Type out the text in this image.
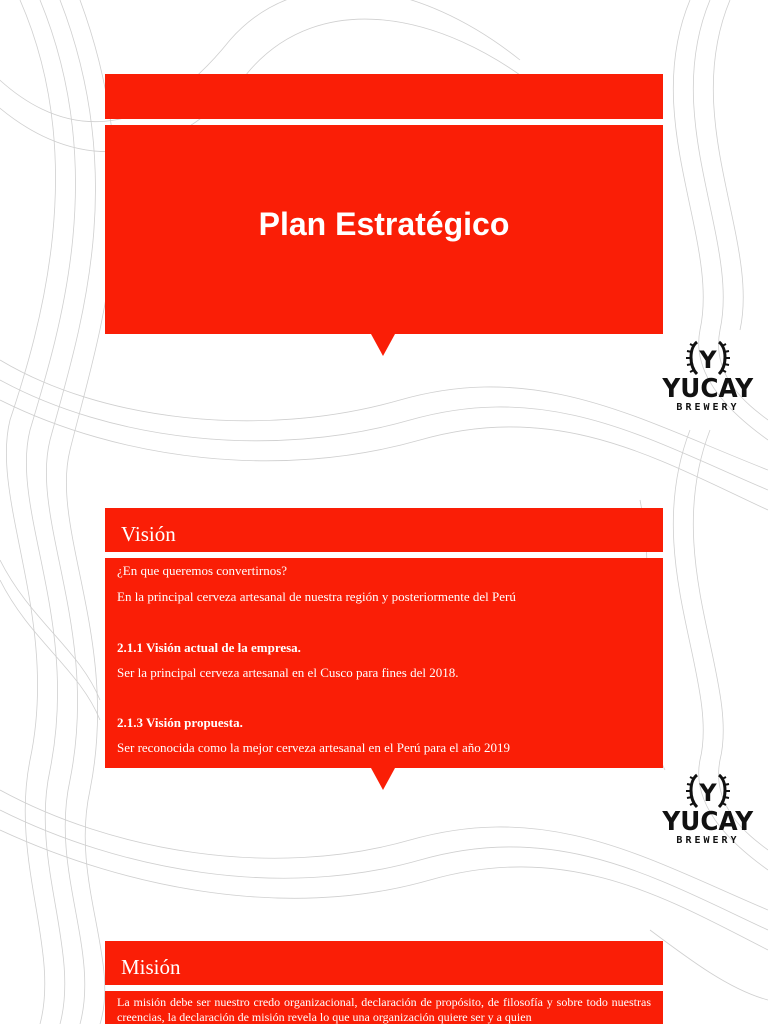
Plan Estratégico
Y
YUCAY
BREWERY
Visión
¿En que queremos convertirnos?
En la principal cerveza artesanal de nuestra región y posteriormente del Perú
2.1.1 Visión actual de la empresa.
Ser la principal cerveza artesanal en el Cusco para fines del 2018.
2.1.3 Visión propuesta.
Ser reconocida como la mejor cerveza artesanal en el Perú para el año 2019
Y
YUCAY
BREWERY
Misión
La misión debe ser nuestro credo organizacional, declaración de propósito, de filosofía y sobre todo nuestras creencias, la declaración de misión revela lo que una organización quiere ser y a quien
